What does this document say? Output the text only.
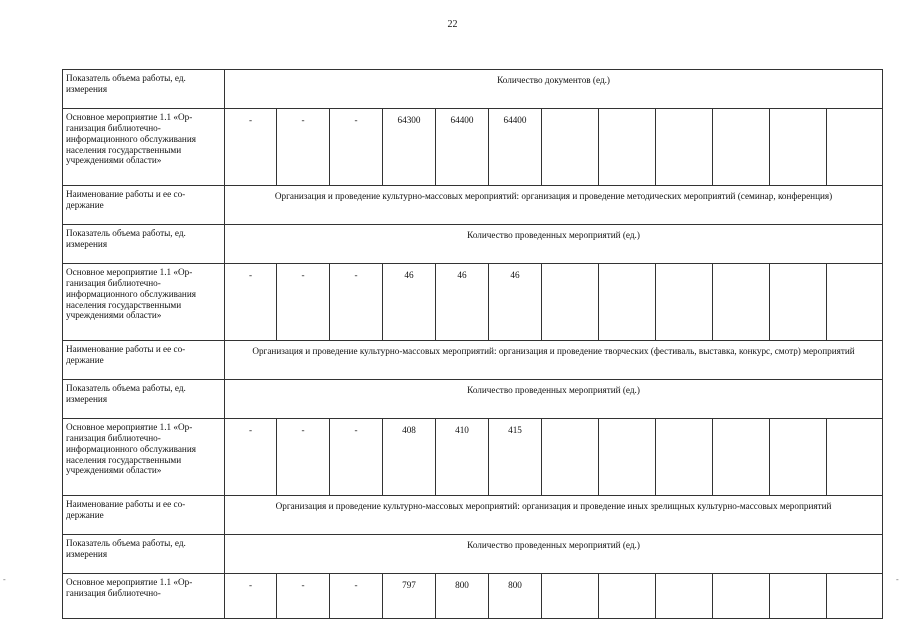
22
-	-
Показатель объема работы, ед. измерения	Количество документов (ед.)											
Основное мероприятие 1.1 «Ор-ганизация библиотечно-информационного обслуживания населения государственными учреждениями области»	-	-	-	64300	64400	64400						
Наименование работы и ее со-держание	Организация и проведение культурно-массовых мероприятий: организация и проведение методических мероприятий (семинар, конференция)											
Показатель объема работы, ед. измерения	Количество проведенных мероприятий (ед.)											
Основное мероприятие 1.1 «Ор-ганизация библиотечно-информационного обслуживания населения государственными учреждениями области»	-	-	-	46	46	46						
Наименование работы и ее со-держание	Организация и проведение культурно-массовых мероприятий: организация и проведение творческих (фестиваль, выставка, конкурс, смотр) мероприятий											
Показатель объема работы, ед. измерения	Количество проведенных мероприятий (ед.)											
Основное мероприятие 1.1 «Ор-ганизация библиотечно-информационного обслуживания населения государственными учреждениями области»	-	-	-	408	410	415						
Наименование работы и ее со-держание	Организация и проведение культурно-массовых мероприятий: организация и проведение иных зрелищных культурно-массовых мероприятий											
Показатель объема работы, ед. измерения	Количество проведенных мероприятий (ед.)											
Основное мероприятие 1.1 «Ор-ганизация библиотечно-	-	-	-	797	800	800						
